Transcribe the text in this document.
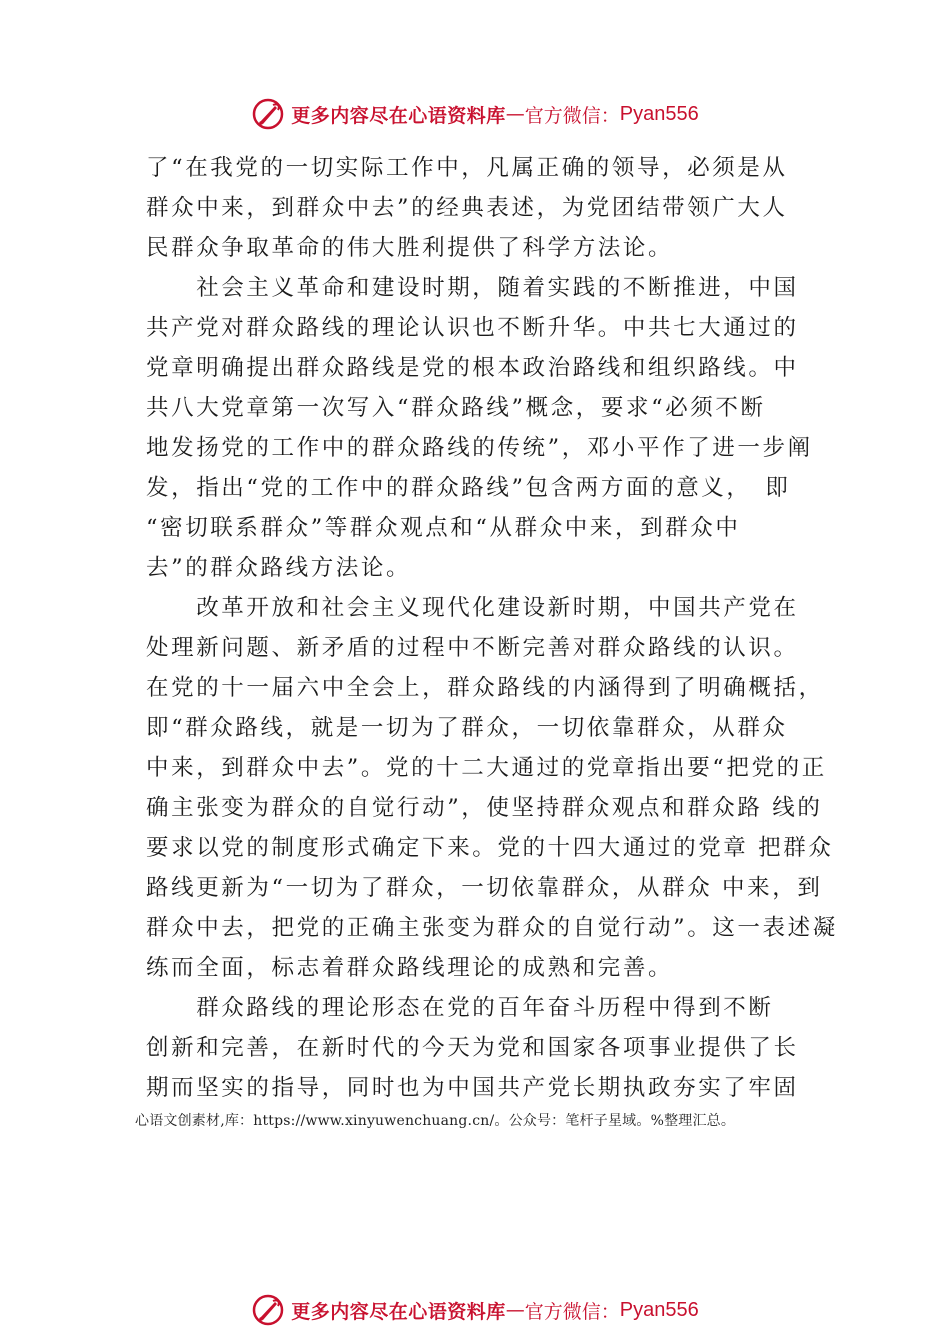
更多内容尽在心语资料库 — 官方微信： Pyan556
了“在我党的一切实际工作中，凡属正确的领导，必须是从
群众中来，到群众中去”的经典表述，为党团结带领广大人
民群众争取革命的伟大胜利提供了科学方法论。
　　社会主义革命和建设时期，随着实践的不断推进，中国
共产党对群众路线的理论认识也不断升华。中共七大通过的
党章明确提出群众路线是党的根本政治路线和组织路线。中
共八大党章第一次写入“群众路线”概念，要求“必须不断
地发扬党的工作中的群众路线的传统”，邓小平作了进一步阐
发，指出“党的工作中的群众路线”包含两方面的意义，　即
“密切联系群众”等群众观点和“从群众中来，到群众中
去”的群众路线方法论。
　　改革开放和社会主义现代化建设新时期，中国共产党在
处理新问题、新矛盾的过程中不断完善对群众路线的认识。
在党的十一届六中全会上，群众路线的内涵得到了明确概括，
即“群众路线，就是一切为了群众，一切依靠群众，从群众
中来，到群众中去”。党的十二大通过的党章指出要“把党的正
确主张变为群众的自觉行动”，使坚持群众观点和群众路 线的
要求以党的制度形式确定下来。党的十四大通过的党章 把群众
路线更新为“一切为了群众，一切依靠群众，从群众 中来，到
群众中去，把党的正确主张变为群众的自觉行动”。这一表述凝
练而全面，标志着群众路线理论的成熟和完善。
　　群众路线的理论形态在党的百年奋斗历程中得到不断
创新和完善，在新时代的今天为党和国家各项事业提供了长
期而坚实的指导，同时也为中国共产党长期执政夯实了牢固
心语文创素材,库：https://www.xinyuwenchuang.cn/。公众号：笔杆子星域。%整理汇总。
更多内容尽在心语资料库 — 官方微信： Pyan556
